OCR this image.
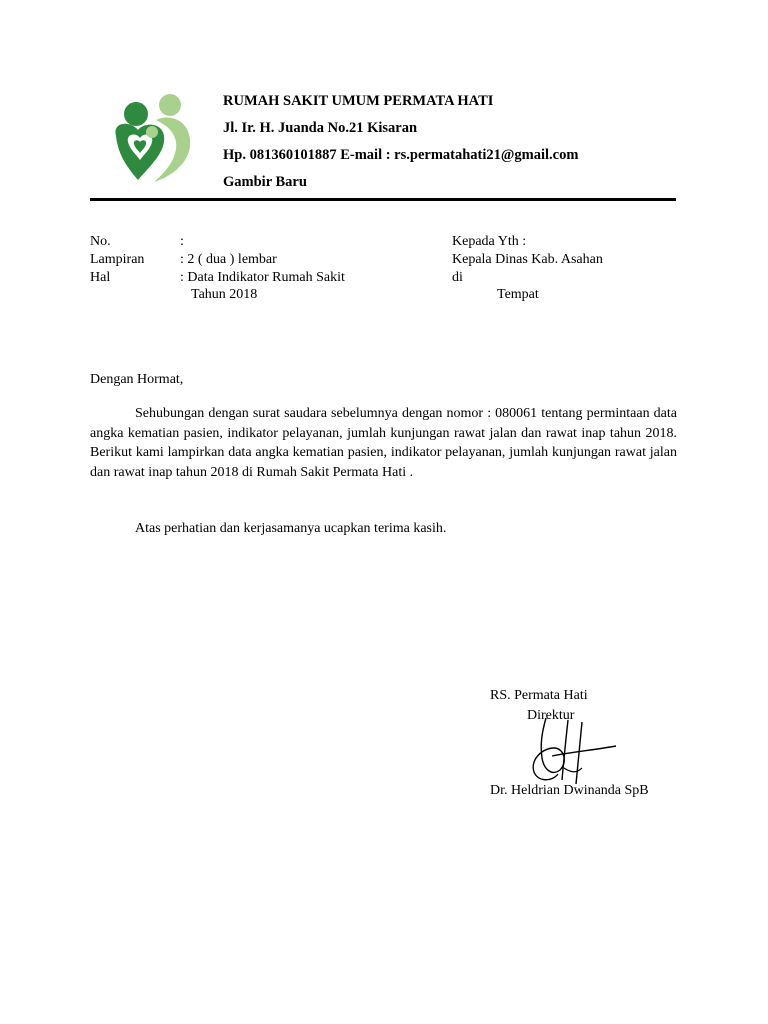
RUMAH SAKIT UMUM PERMATA HATI
Jl. Ir. H. Juanda No.21 Kisaran
Hp. 081360101887 E-mail : rs.permatahati21@gmail.com
Gambir Baru
No.	:
Lampiran	: 2 ( dua ) lembar
Hal	: Data Indikator Rumah Sakit
Tahun 2018
Kepada Yth :
Kepala Dinas Kab. Asahan
di
Tempat
Dengan Hormat,
Sehubungan dengan surat saudara sebelumnya dengan nomor : 080061 tentang permintaan data angka kematian pasien, indikator pelayanan, jumlah kunjungan rawat jalan dan rawat inap tahun 2018. Berikut kami lampirkan data angka kematian pasien, indikator pelayanan, jumlah kunjungan rawat jalan dan rawat inap tahun 2018 di Rumah Sakit Permata Hati .
Atas perhatian dan kerjasamanya ucapkan terima kasih.
RS. Permata Hati
Direktur
Dr. Heldrian Dwinanda SpB
